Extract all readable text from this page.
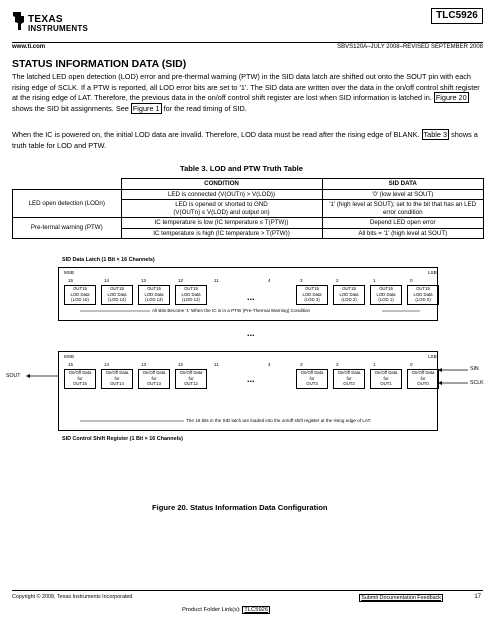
TEXAS
INSTRUMENTS
TLC5926
www.ti.com	SBVS120A–JULY 2008–REVISED SEPTEMBER 2008
STATUS INFORMATION DATA (SID)

The latched LED open detection (LOD) error and pre-thermal warning (PTW) in the SID data latch are shifted out onto the SOUT pin with each rising edge of SCLK. If a PTW is reported, all LOD error bits are set to '1'. The SID data are written over the data in the on/off control shift register at the rising edge of LAT. Therefore, the previous data in the on/off control shift register are lost when SID information is latched in. Figure 20 shows the SID bit assignments. See Figure 1 for the read timing of SID.

When the IC is powered on, the initial LOD data are invalid. Therefore, LOD data must be read after the rising edge of BLANK. Table 3 shows a truth table for LOD and PTW.

Table 3. LOD and PTW Truth Table
	CONDITION	SID DATA
LED open detection (LODn)	LED is connected (V(OUTn) > V(LOD))	'0' (low level at SOUT)

	LED is opened or shorted to GND
(V(OUTn) ≤ V(LOD) and output on)	'1' (high level at SOUT); set to the bit that has an LED error condition
Pre-termal warning (PTW)	IC temperature is low (IC temperature ≤ T(PTW))	Depend LED open error
	IC temperature is high (IC temperature > T(PTW))	All bits = '1' (high level at SOUT)
SID Data Latch (1 Bit × 16 Channels)
MSB	LSB
15	14	13	12	11	4	3	2	1	0
OUT15
LOD Data
(LOD 15)
OUT15
LOD Data
(LOD 14)
OUT15
LOD Data
(LOD 13)
OUT15
LOD Data
(LOD 12)
OUT15
LOD Data
(LOD 3)
OUT15
LOD Data
(LOD 2)
OUT15
LOD Data
(LOD 1)
OUT15
LOD Data
(LOD 0)
...
All Bits Become '1' When the IC is in a PTW (Pre-Thermal Warning) Condition
...
MSB	LSB
15	14	13	12	11	4	3	2	1	0
On/Off Data
for
OUT15
On/Off Data
for
OUT14
On/Off Data
for
OUT13
On/Off Data
for
OUT12
On/Off Data
for
OUT3
On/Off Data
for
OUT2
On/Off Data
for
OUT1
On/Off Data
for
OUT0
...
The 16 bits in the SID latch are loaded into the on/off shift register at the rising edge of LAT.
SID Control Shift Register (1 Bit × 16 Channels)
SOUT
SIN
SCLK
Figure 20. Status Information Data Configuration
Copyright © 2008, Texas Instruments Incorporated	Submit Documentation Feedback	17
Product Folder Link(s): TLC5926
